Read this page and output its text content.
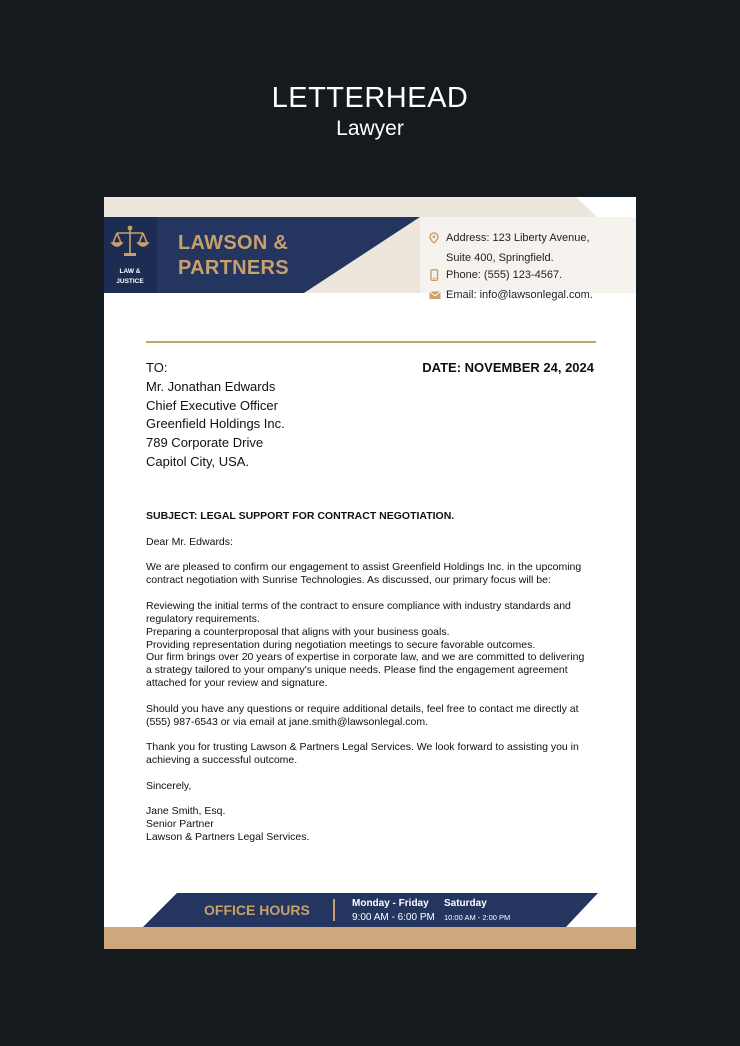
LETTERHEAD
Lawyer
LAW &
JUSTICE
LAWSON &
PARTNERS
Address: 123 Liberty Avenue,
Suite 400, Springfield.
Phone: (555) 123-4567.
Email: info@lawsonlegal.com.
TO:
Mr. Jonathan Edwards
Chief Executive Officer
Greenfield Holdings Inc.
789 Corporate Drive
Capitol City, USA.
DATE: NOVEMBER 24, 2024

SUBJECT: LEGAL SUPPORT FOR CONTRACT NEGOTIATION.

Dear Mr. Edwards:

We are pleased to confirm our engagement to assist Greenfield Holdings Inc. in the upcoming

contract negotiation with Sunrise Technologies. As discussed, our primary focus will be:

Reviewing the initial terms of the contract to ensure compliance with industry standards and

regulatory requirements.

Preparing a counterproposal that aligns with your business goals.

Providing representation during negotiation meetings to secure favorable outcomes.

Our firm brings over 20 years of expertise in corporate law, and we are committed to delivering

a strategy tailored to your ompany's unique needs. Please find the engagement agreement

attached for your review and signature.

Should you have any questions or require additional details, feel free to contact me directly at

(555) 987-6543 or via email at jane.smith@lawsonlegal.com.

Thank you for trusting Lawson & Partners Legal Services. We look forward to assisting you in

achieving a successful outcome.

Sincerely,

Jane Smith, Esq.

Senior Partner

Lawson & Partners Legal Services.

OFFICE HOURS	Monday - Friday
9:00 AM - 6:00 PM
Saturday
10:00 AM - 2:00 PM
